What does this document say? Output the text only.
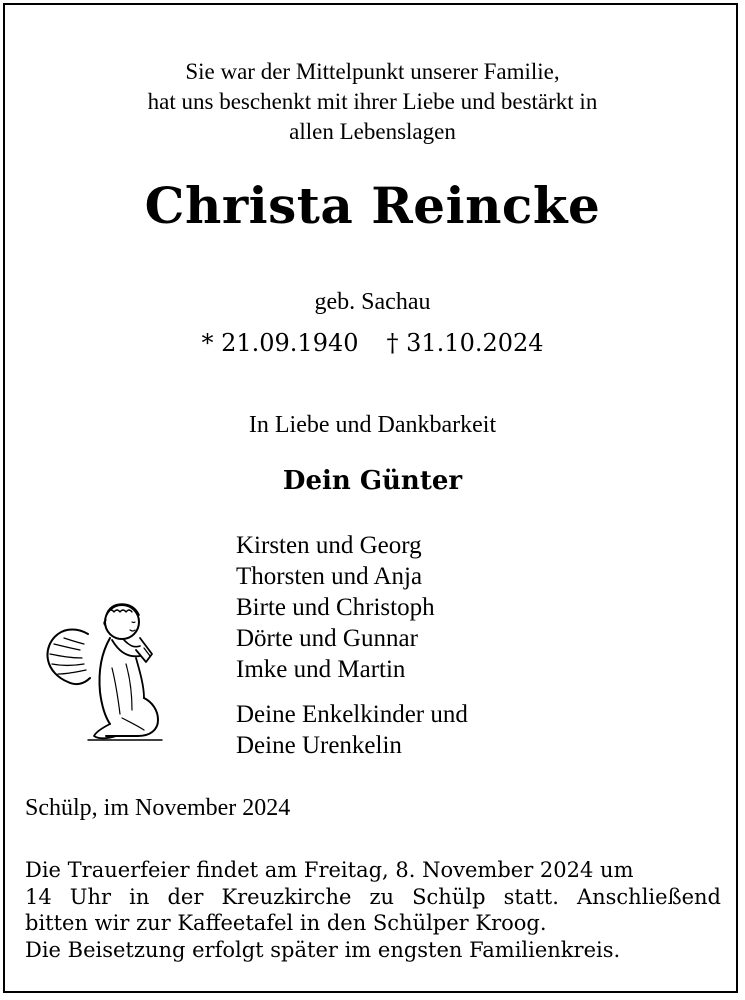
Sie war der Mittelpunkt unserer Familie,
hat uns beschenkt mit ihrer Liebe und bestärkt in
allen Lebenslagen
Christa Reincke
geb. Sachau
* 21.09.1940 † 31.10.2024
In Liebe und Dankbarkeit
Dein Günter
Kirsten und Georg
Thorsten und Anja
Birte und Christoph
Dörte und Gunnar
Imke und Martin
Deine Enkelkinder und
Deine Urenkelin
Schülp, im November 2024
Die Trauerfeier findet am Freitag, 8. November 2024 um
14 Uhr in der Kreuzkirche zu Schülp statt. Anschließend
bitten wir zur Kaffeetafel in den Schülper Kroog.
Die Beisetzung erfolgt später im engsten Familienkreis.
